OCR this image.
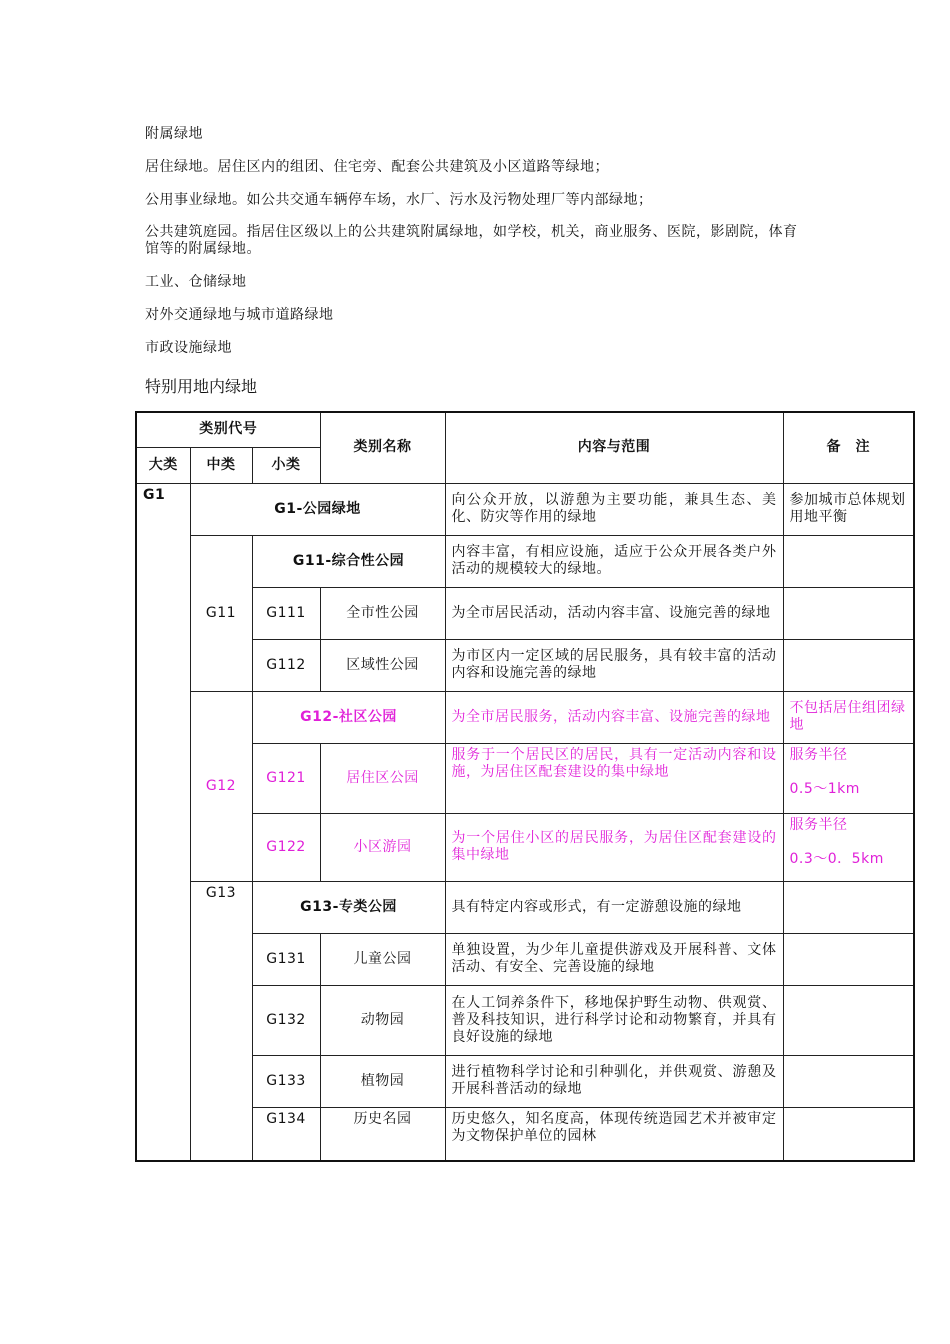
附属绿地

居住绿地。居住区内的组团、住宅旁、配套公共建筑及小区道路等绿地；

公用事业绿地。如公共交通车辆停车场，水厂、污水及污物处理厂等内部绿地；

公共建筑庭园。指居住区级以上的公共建筑附属绿地，如学校，机关，商业服务、医院，影剧院，体育馆等的附属绿地。

工业、仓储绿地

对外交通绿地与城市道路绿地

市政设施绿地

特别用地内绿地

类别代号			类别名称	内容与范围	备　注
大类	中类	小类			
G1	G1-公园绿地			向公众开放，以游憩为主要功能，兼具生态、美化、防灾等作用的绿地	参加城市总体规划用地平衡
	G11	G11-综合性公园		内容丰富，有相应设施，适应于公众开展各类户外活动的规模较大的绿地。	
		G111	全市性公园	为全市居民活动，活动内容丰富、设施完善的绿地	
		G112	区域性公园	为市区内一定区域的居民服务，具有较丰富的活动内容和设施完善的绿地	
	G12	G12-社区公园		为全市居民服务，活动内容丰富、设施完善的绿地	不包括居住组团绿地
		G121	居住区公园	服务于一个居民区的居民，具有一定活动内容和设施，为居住区配套建设的集中绿地	服务半径

0.5～1km

		G122	小区游园	为一个居住小区的居民服务，为居住区配套建设的集中绿地	服务半径

0.3～0．5km

	G13	G13-专类公园		具有特定内容或形式，有一定游憩设施的绿地	
		G131	儿童公园	单独设置，为少年儿童提供游戏及开展科普、文体活动、有安全、完善设施的绿地	
		G132	动物园	在人工饲养条件下，移地保护野生动物、供观赏、普及科技知识，进行科学讨论和动物繁育，并具有良好设施的绿地	
		G133	植物园	进行植物科学讨论和引种驯化，并供观赏、游憩及开展科普活动的绿地	
		G134	历史名园	历史悠久，知名度高，体现传统造园艺术并被审定为文物保护单位的园林	
